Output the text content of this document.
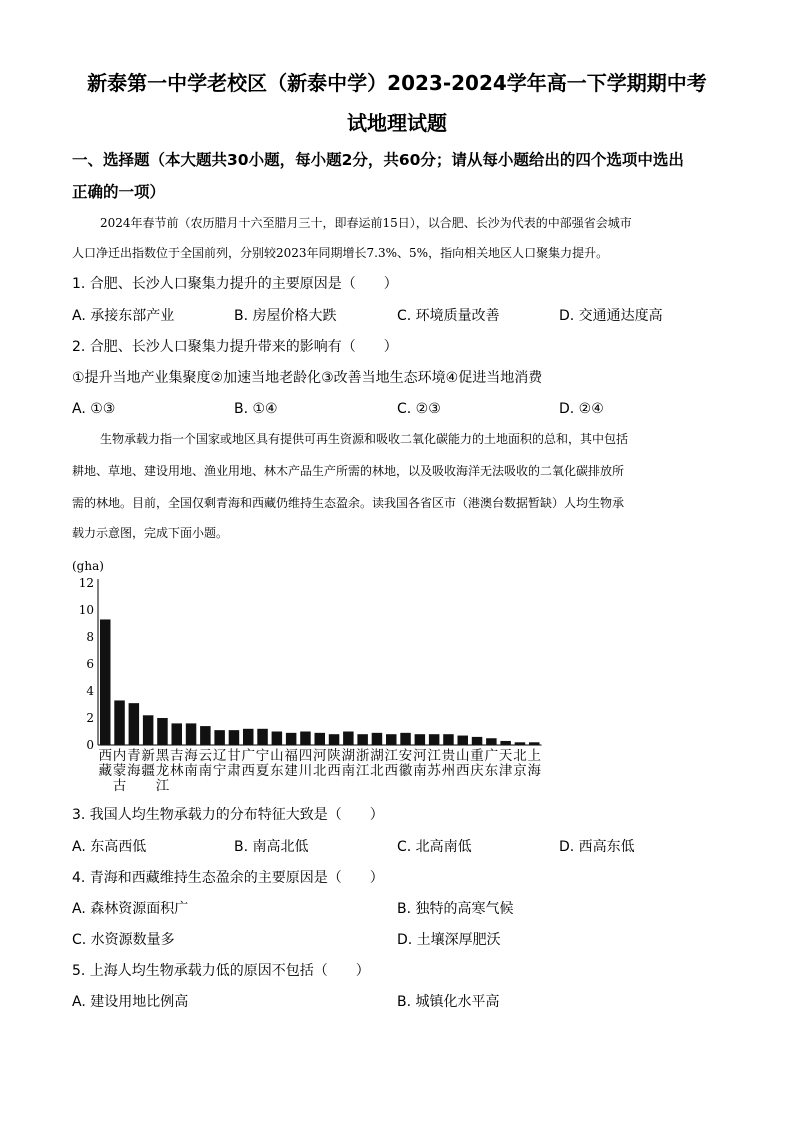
新泰第一中学老校区（新泰中学）2023-2024学年高一下学期期中考
试地理试题
一、选择题（本大题共30小题，每小题2分，共60分；请从每小题给出的四个选项中选出
正确的一项）
2024年春节前（农历腊月十六至腊月三十，即春运前15日），以合肥、长沙为代表的中部强省会城市
人口净迁出指数位于全国前列，分别较2023年同期增长7.3%、5%，指向相关地区人口聚集力提升。
1. 合肥、长沙人口聚集力提升的主要原因是（　　）
A. 承接东部产业	B. 房屋价格大跌	C. 环境质量改善	D. 交通通达度高
2. 合肥、长沙人口聚集力提升带来的影响有（　　）
①提升当地产业集聚度②加速当地老龄化③改善当地生态环境④促进当地消费
A. ①③	B. ①④	C. ②③	D. ②④
生物承载力指一个国家或地区具有提供可再生资源和吸收二氧化碳能力的土地面积的总和，其中包括
耕地、草地、建设用地、渔业用地、林木产品生产所需的林地，以及吸收海洋无法吸收的二氧化碳排放所
需的林地。目前，全国仅剩青海和西藏仍维持生态盈余。读我国各省区市（港澳台数据暂缺）人均生物承
载力示意图，完成下面小题。
(gha)
0
2
4
6
8
10
12
西
藏
内
蒙
古
青
海
新
疆
黑
龙
江
吉
林
海
南
云
南
辽
宁
甘
肃
广
西
宁
夏
山
东
福
建
四
川
河
北
陕
西
湖
南
浙
江
湖
北
江
西
安
徽
河
南
江
苏
贵
州
山
西
重
庆
广
东
天
津
北
京
上
海
3. 我国人均生物承载力的分布特征大致是（　　）
A. 东高西低	B. 南高北低	C. 北高南低	D. 西高东低
4. 青海和西藏维持生态盈余的主要原因是（　　）
A. 森林资源面积广	B. 独特的高寒气候
C. 水资源数量多	D. 土壤深厚肥沃
5. 上海人均生物承载力低的原因不包括（　　）
A. 建设用地比例高	B. 城镇化水平高
